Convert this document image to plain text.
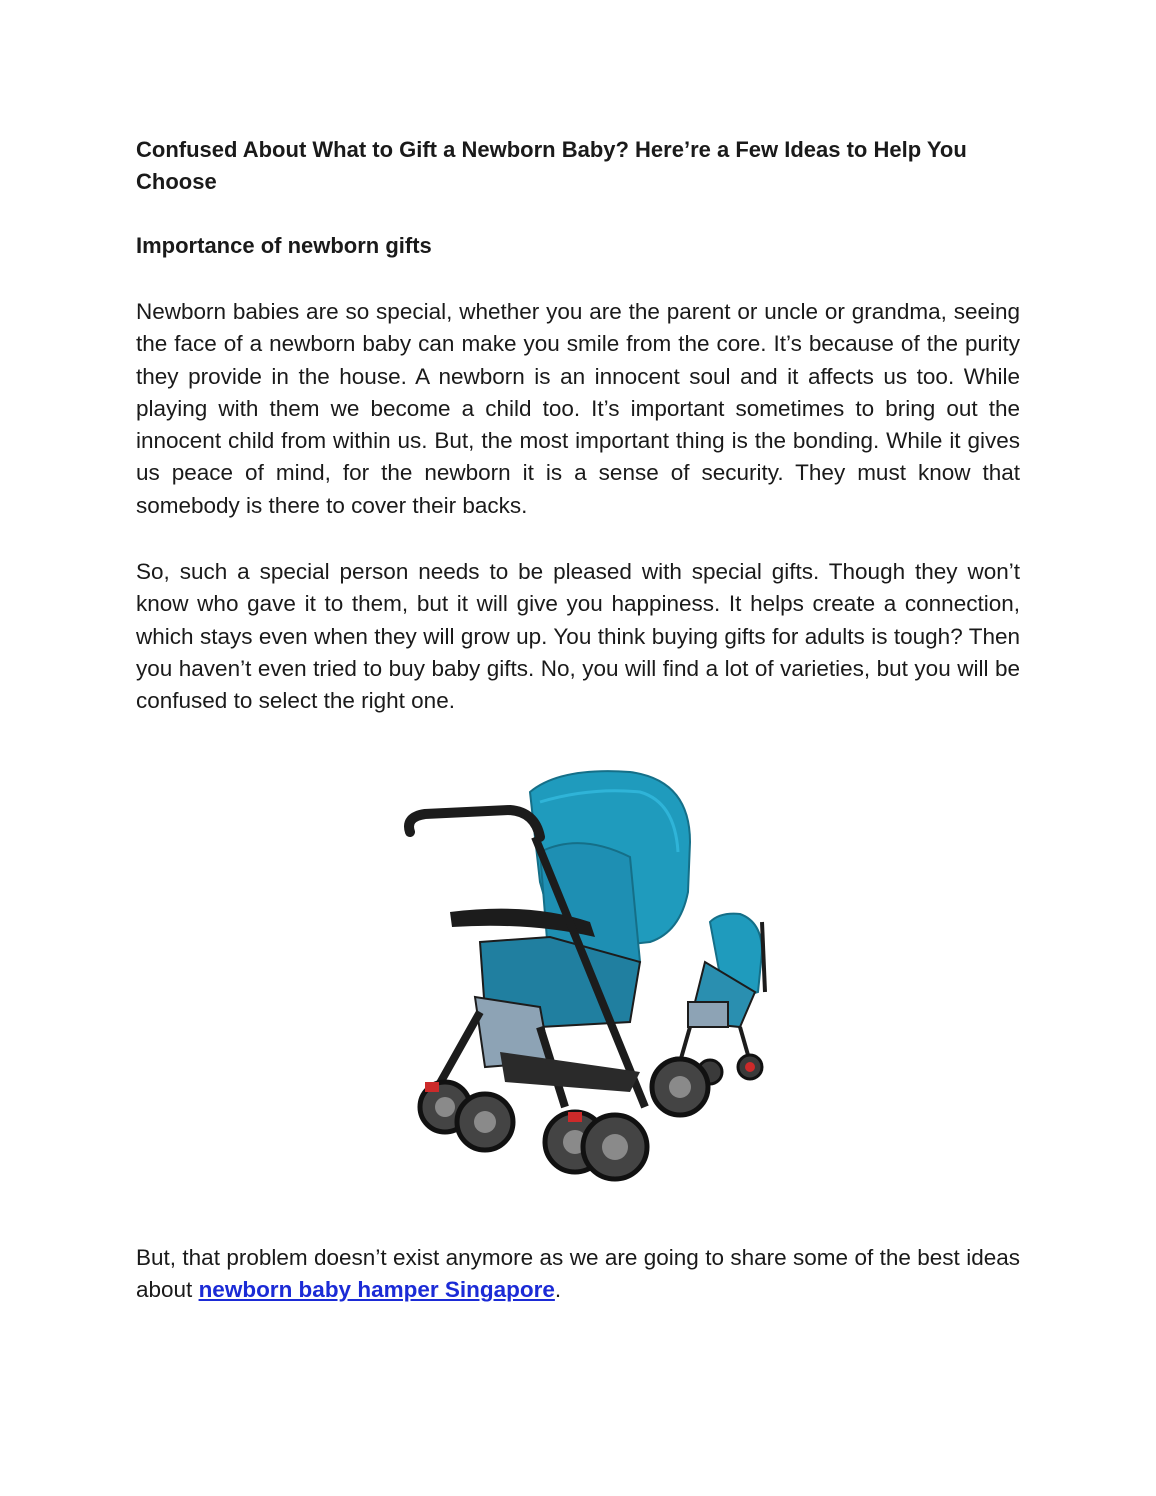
Confused About What to Gift a Newborn Baby? Here’re a Few Ideas to Help You Choose

Importance of newborn gifts

Newborn babies are so special, whether you are the parent or uncle or grandma, seeing the face of a newborn baby can make you smile from the core. It’s because of the purity they provide in the house. A newborn is an innocent soul and it affects us too. While playing with them we become a child too. It’s important sometimes to bring out the innocent child from within us. But, the most important thing is the bonding. While it gives us peace of mind, for the newborn it is a sense of security. They must know that somebody is there to cover their backs.

So, such a special person needs to be pleased with special gifts. Though they won’t know who gave it to them, but it will give you happiness. It helps create a connection, which stays even when they will grow up. You think buying gifts for adults is tough? Then you haven’t even tried to buy baby gifts. No, you will find a lot of varieties, but you will be confused to select the right one.

But, that problem doesn’t exist anymore as we are going to share some of the best ideas about newborn baby hamper Singapore.
